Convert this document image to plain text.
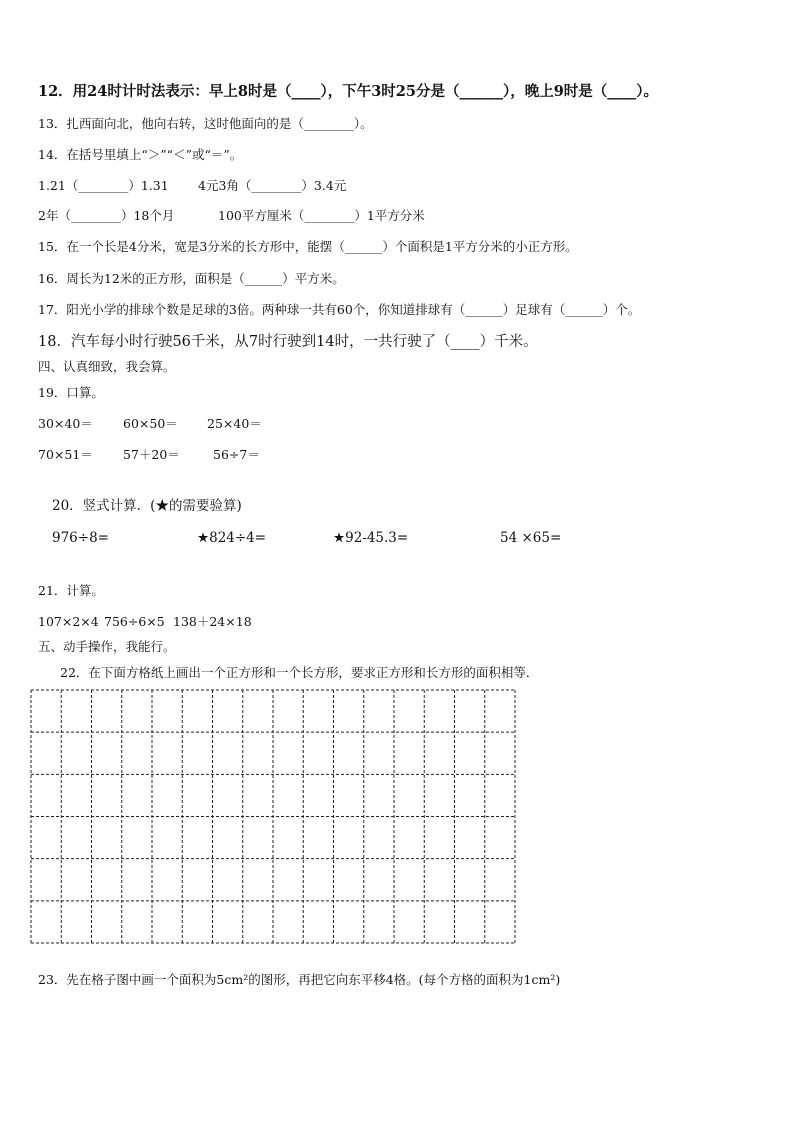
12．用24时计时法表示：早上8时是（____），下午3时25分是（______），晚上9时是（____）。
13．扎西面向北，他向右转，这时他面向的是（________）。
14．在括号里填上“＞”“＜”或“＝”。
1.21（________）1.31 4元3角（________）3.4元
2年（________）18个月	100平方厘米（________）1平方分米
15．在一个长是4分米，宽是3分米的长方形中，能摆（______）个面积是1平方分米的小正方形。
16．周长为12米的正方形，面积是（______）平方米。
17．阳光小学的排球个数是足球的3倍。两种球一共有60个，你知道排球有（______）足球有（______）个。
18．汽车每小时行驶56千米，从7时行驶到14时，一共行驶了（____）千米。
四、认真细致，我会算。
19．口算。
30×40＝ 60×50＝ 25×40＝
70×51＝ 57＋20＝	56÷7＝
20．竖式计算．(★的需要验算)
976÷8=	★824÷4=	★92-45.3=	54 ×65=
21．计算。
107×2×4 756÷6×5 138＋24×18
五、动手操作，我能行。
22．在下面方格纸上画出一个正方形和一个长方形，要求正方形和长方形的面积相等．
23．先在格子图中画一个面积为5cm²的图形，再把它向东平移4格。(每个方格的面积为1cm²)
